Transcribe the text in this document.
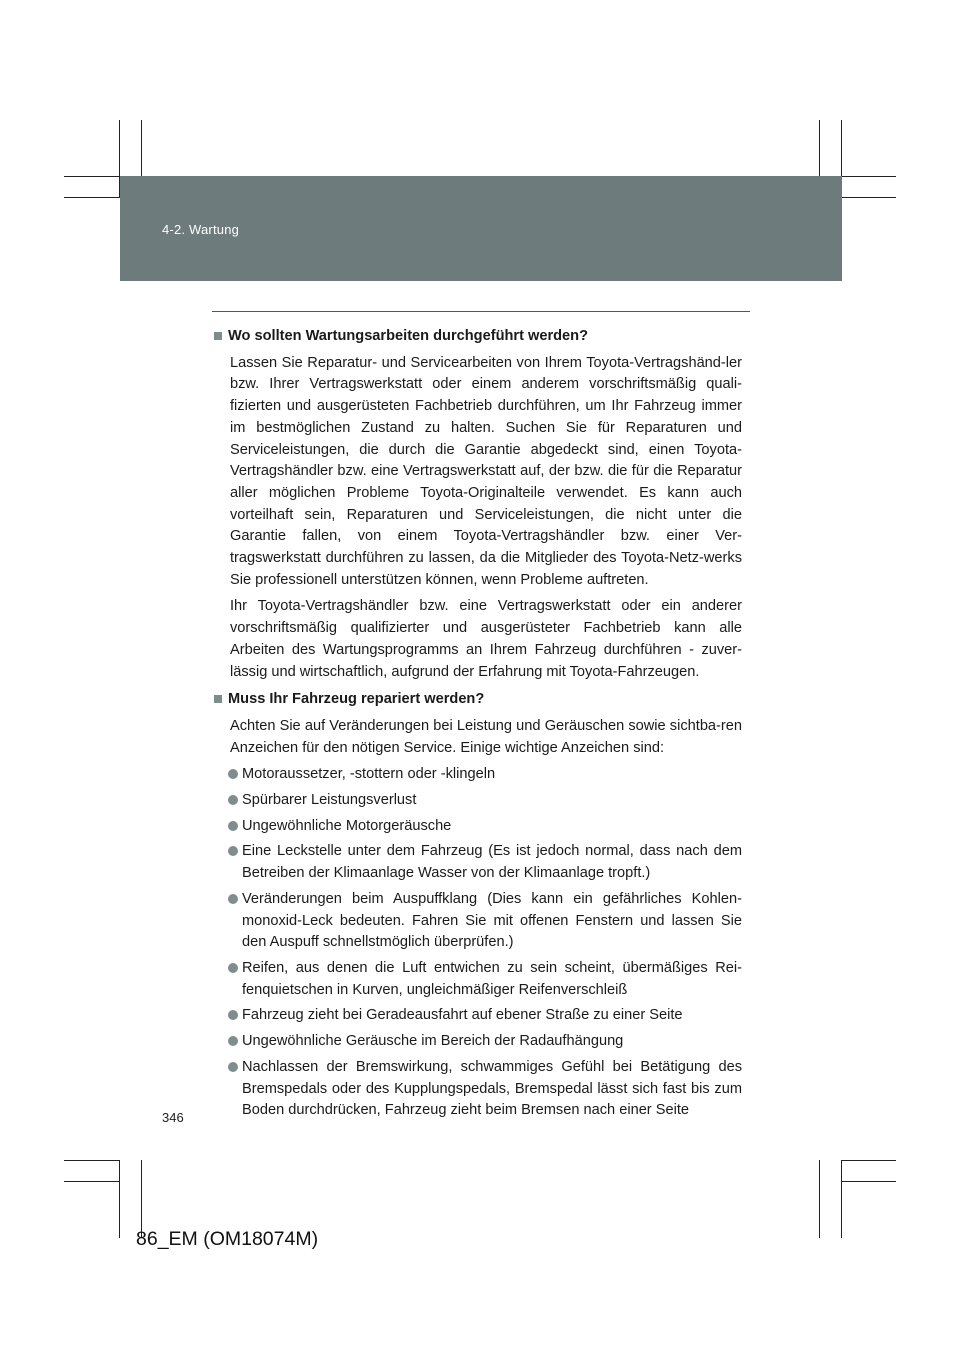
4-2. Wartung

Wo sollten Wartungsarbeiten durchgeführt werden?

Lassen Sie Reparatur- und Servicearbeiten von Ihrem Toyota-Vertragshänd-ler bzw. Ihrer Vertragswerkstatt oder einem anderem vorschriftsmäßig quali-fizierten und ausgerüsteten Fachbetrieb durchführen, um Ihr Fahrzeug immer im bestmöglichen Zustand zu halten. Suchen Sie für Reparaturen und Serviceleistungen, die durch die Garantie abgedeckt sind, einen Toyota-Vertragshändler bzw. eine Vertragswerkstatt auf, der bzw. die für die Reparatur aller möglichen Probleme Toyota-Originalteile verwendet. Es kann auch vorteilhaft sein, Reparaturen und Serviceleistungen, die nicht unter die Garantie fallen, von einem Toyota-Vertragshändler bzw. einer Ver-tragswerkstatt durchführen zu lassen, da die Mitglieder des Toyota-Netz-werks Sie professionell unterstützen können, wenn Probleme auftreten.

Ihr Toyota-Vertragshändler bzw. eine Vertragswerkstatt oder ein anderer vorschriftsmäßig qualifizierter und ausgerüsteter Fachbetrieb kann alle Arbeiten des Wartungsprogramms an Ihrem Fahrzeug durchführen - zuver-lässig und wirtschaftlich, aufgrund der Erfahrung mit Toyota-Fahrzeugen.

Muss Ihr Fahrzeug repariert werden?

Achten Sie auf Veränderungen bei Leistung und Geräuschen sowie sichtba-ren Anzeichen für den nötigen Service. Einige wichtige Anzeichen sind:

Motoraussetzer, -stottern oder -klingeln

Spürbarer Leistungsverlust

Ungewöhnliche Motorgeräusche

Eine Leckstelle unter dem Fahrzeug (Es ist jedoch normal, dass nach dem Betreiben der Klimaanlage Wasser von der Klimaanlage tropft.)

Veränderungen beim Auspuffklang (Dies kann ein gefährliches Kohlen-monoxid-Leck bedeuten. Fahren Sie mit offenen Fenstern und lassen Sie den Auspuff schnellstmöglich überprüfen.)

Reifen, aus denen die Luft entwichen zu sein scheint, übermäßiges Rei-fenquietschen in Kurven, ungleichmäßiger Reifenverschleiß

Fahrzeug zieht bei Geradeausfahrt auf ebener Straße zu einer Seite

Ungewöhnliche Geräusche im Bereich der Radaufhängung

Nachlassen der Bremswirkung, schwammiges Gefühl bei Betätigung des Bremspedals oder des Kupplungspedals, Bremspedal lässt sich fast bis zum Boden durchdrücken, Fahrzeug zieht beim Bremsen nach einer Seite

346
86_EM (OM18074M)
